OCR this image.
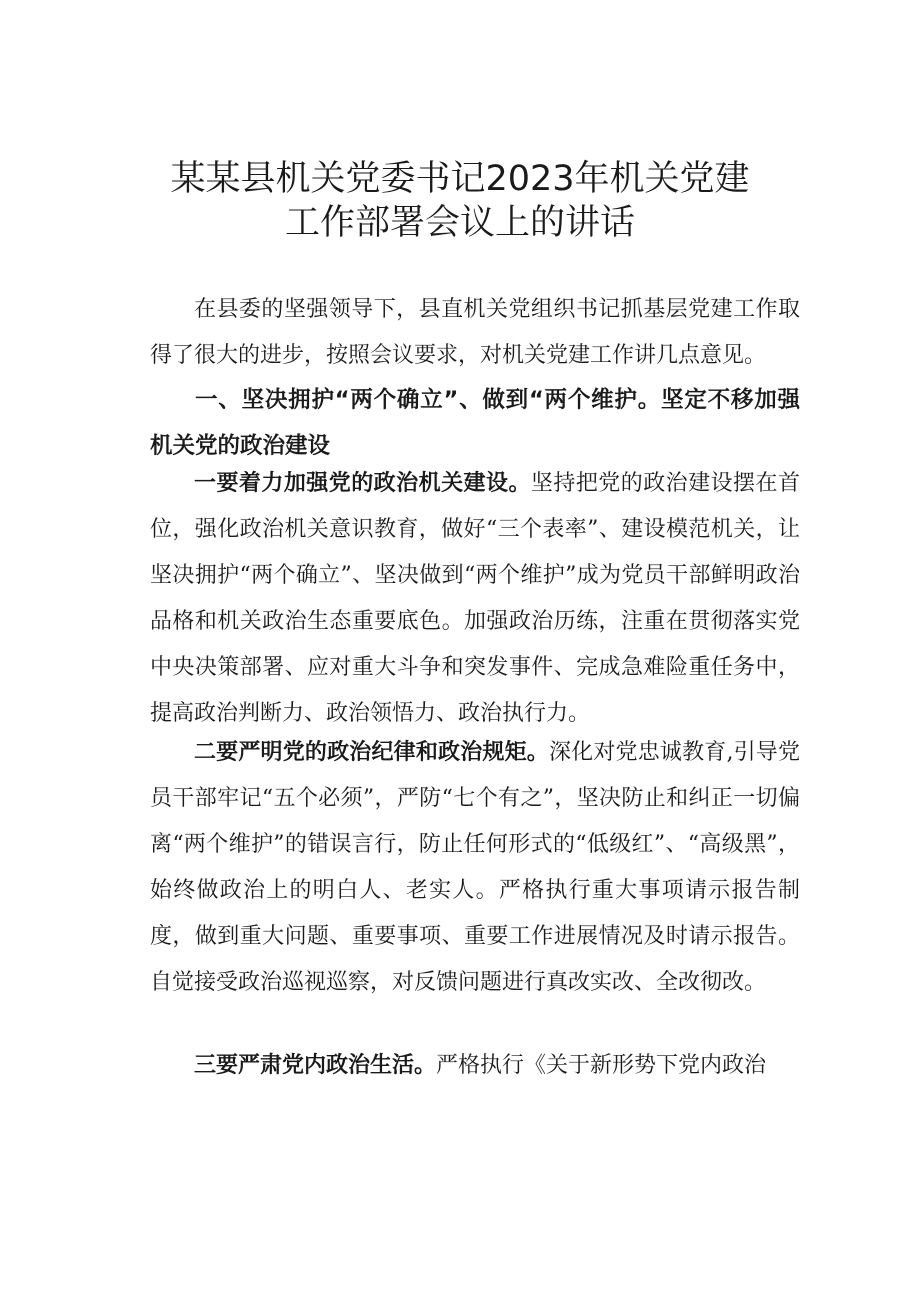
某某县机关党委书记2023年机关党建
工作部署会议上的讲话

在县委的坚强领导下，县直机关党组织书记抓基层党建工作取得了很大的进步，按照会议要求，对机关党建工作讲几点意见。

一、坚决拥护“两个确立”、做到“两个维护。坚定不移加强机关党的政治建设

一要着力加强党的政治机关建设。坚持把党的政治建设摆在首位，强化政治机关意识教育，做好“三个表率”、建设模范机关，让坚决拥护“两个确立”、坚决做到“两个维护”成为党员干部鲜明政治品格和机关政治生态重要底色。加强政治历练，注重在贯彻落实党中央决策部署、应对重大斗争和突发事件、完成急难险重任务中，提高政治判断力、政治领悟力、政治执行力。

二要严明党的政治纪律和政治规矩。深化对党忠诚教育,引导党员干部牢记“五个必须”，严防“七个有之”，坚决防止和纠正一切偏离“两个维护”的错误言行，防止任何形式的“低级红”、“高级黑”，始终做政治上的明白人、老实人。严格执行重大事项请示报告制度，做到重大问题、重要事项、重要工作进展情况及时请示报告。自觉接受政治巡视巡察，对反馈问题进行真改实改、全改彻改。

三要严肃党内政治生活。严格执行《关于新形势下党内政治
